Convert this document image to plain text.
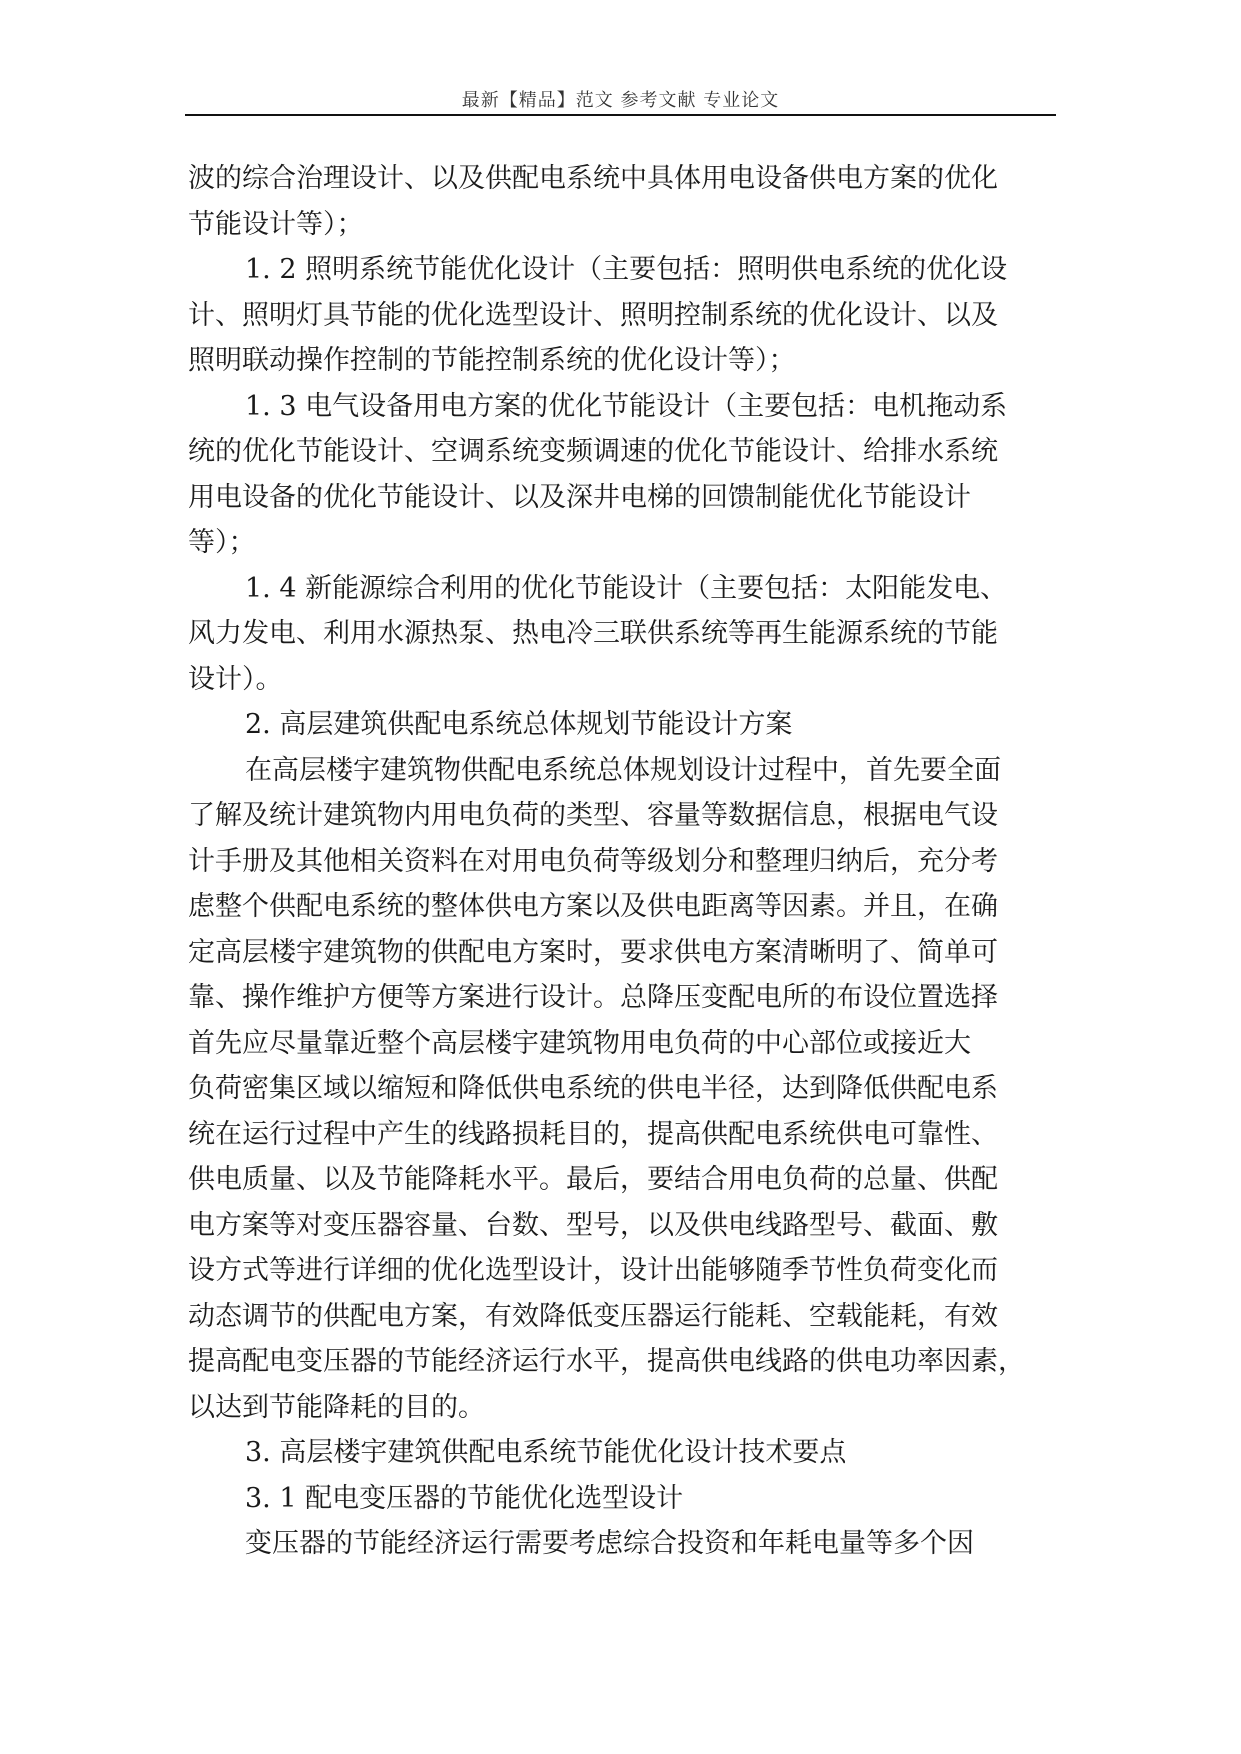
最新【精品】范文 参考文献 专业论文
波的综合治理设计、以及供配电系统中具体用电设备供电方案的优化
节能设计等）；
1. 2 照明系统节能优化设计（主要包括：照明供电系统的优化设
计、照明灯具节能的优化选型设计、照明控制系统的优化设计、以及
照明联动操作控制的节能控制系统的优化设计等）；
1. 3 电气设备用电方案的优化节能设计（主要包括：电机拖动系
统的优化节能设计、空调系统变频调速的优化节能设计、给排水系统
用电设备的优化节能设计、以及深井电梯的回馈制能优化节能设计
等）；
1. 4 新能源综合利用的优化节能设计（主要包括：太阳能发电、
风力发电、利用水源热泵、热电冷三联供系统等再生能源系统的节能
设计）。
2. 高层建筑供配电系统总体规划节能设计方案
在高层楼宇建筑物供配电系统总体规划设计过程中，首先要全面
了解及统计建筑物内用电负荷的类型、容量等数据信息，根据电气设
计手册及其他相关资料在对用电负荷等级划分和整理归纳后，充分考
虑整个供配电系统的整体供电方案以及供电距离等因素。并且，在确
定高层楼宇建筑物的供配电方案时，要求供电方案清晰明了、简单可
靠、操作维护方便等方案进行设计。总降压变配电所的布设位置选择
首先应尽量靠近整个高层楼宇建筑物用电负荷的中心部位或接近大
负荷密集区域以缩短和降低供电系统的供电半径，达到降低供配电系
统在运行过程中产生的线路损耗目的，提高供配电系统供电可靠性、
供电质量、以及节能降耗水平。最后，要结合用电负荷的总量、供配
电方案等对变压器容量、台数、型号，以及供电线路型号、截面、敷
设方式等进行详细的优化选型设计，设计出能够随季节性负荷变化而
动态调节的供配电方案，有效降低变压器运行能耗、空载能耗，有效
提高配电变压器的节能经济运行水平，提高供电线路的供电功率因素，
以达到节能降耗的目的。
3. 高层楼宇建筑供配电系统节能优化设计技术要点
3. 1 配电变压器的节能优化选型设计
变压器的节能经济运行需要考虑综合投资和年耗电量等多个因
